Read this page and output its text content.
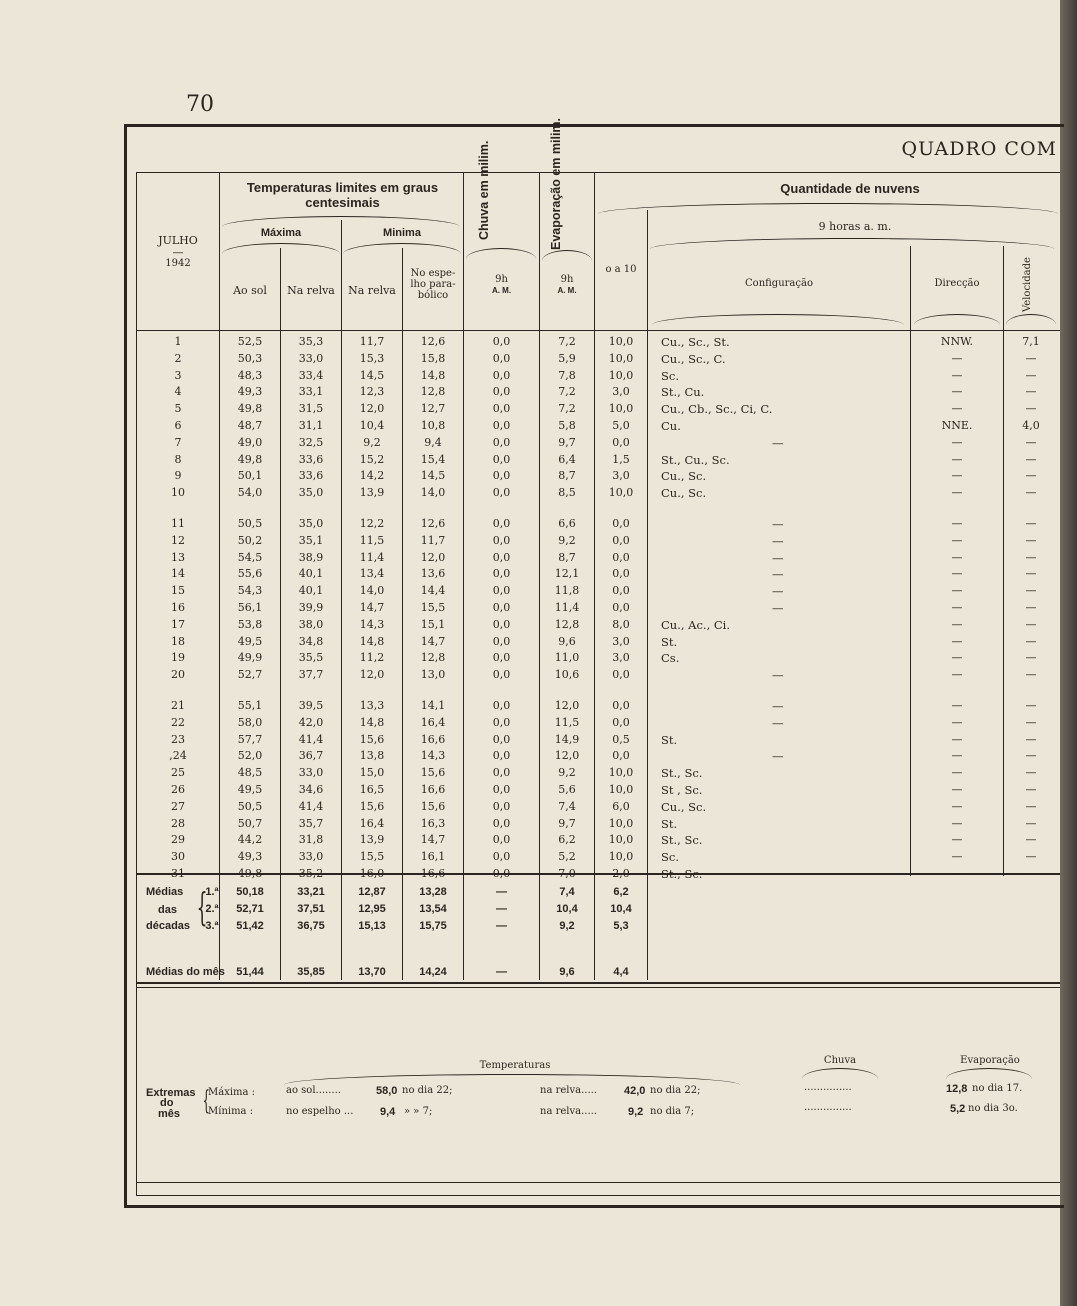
70
QUADRO COM
JULHO
—
1942
Temperaturas limites em graus centesimais
Máxima	Minima
Ao sol	Na relva	Na relva
No espe-lho para-bólico
Chuva em milim.
9h
A. M.
Evaporação em milim.
9h
A. M.
o a 10
Quantidade de nuvens
9 horas a. m.
Configuração	Direcção	Velocidade
1	52,5	35,3	11,7	12,6	0,0	7,2	10,0	Cu., Sc., St.	NNW.	7,1
2	50,3	33,0	15,3	15,8	0,0	5,9	10,0	Cu., Sc., C.	—	—
3	48,3	33,4	14,5	14,8	0,0	7,8	10,0	Sc.	—	—
4	49,3	33,1	12,3	12,8	0,0	7,2	3,0	St., Cu.	—	—
5	49,8	31,5	12,0	12,7	0,0	7,2	10,0	Cu., Cb., Sc., Ci, C.	—	—
6	48,7	31,1	10,4	10,8	0,0	5,8	5,0	Cu.	NNE.	4,0
7	49,0	32,5	9,2	9,4	0,0	9,7	0,0	—	—	—
8	49,8	33,6	15,2	15,4	0,0	6,4	1,5	St., Cu., Sc.	—	—
9	50,1	33,6	14,2	14,5	0,0	8,7	3,0	Cu., Sc.	—	—
10	54,0	35,0	13,9	14,0	0,0	8,5	10,0	Cu., Sc.	—	—
11	50,5	35,0	12,2	12,6	0,0	6,6	0,0	—	—	—
12	50,2	35,1	11,5	11,7	0,0	9,2	0,0	—	—	—
13	54,5	38,9	11,4	12,0	0,0	8,7	0,0	—	—	—
14	55,6	40,1	13,4	13,6	0,0	12,1	0,0	—	—	—
15	54,3	40,1	14,0	14,4	0,0	11,8	0,0	—	—	—
16	56,1	39,9	14,7	15,5	0,0	11,4	0,0	—	—	—
17	53,8	38,0	14,3	15,1	0,0	12,8	8,0	Cu., Ac., Ci.	—	—
18	49,5	34,8	14,8	14,7	0,0	9,6	3,0	St.	—	—
19	49,9	35,5	11,2	12,8	0,0	11,0	3,0	Cs.	—	—
20	52,7	37,7	12,0	13,0	0,0	10,6	0,0	—	—	—
21	55,1	39,5	13,3	14,1	0,0	12,0	0,0	—	—	—
22	58,0	42,0	14,8	16,4	0,0	11,5	0,0	—	—	—
23	57,7	41,4	15,6	16,6	0,0	14,9	0,5	St.	—	—
,24	52,0	36,7	13,8	14,3	0,0	12,0	0,0	—	—	—
25	48,5	33,0	15,0	15,6	0,0	9,2	10,0	St., Sc.	—	—
26	49,5	34,6	16,5	16,6	0,0	5,6	10,0	St , Sc.	—	—
27	50,5	41,4	15,6	15,6	0,0	7,4	6,0	Cu., Sc.	—	—
28	50,7	35,7	16,4	16,3	0,0	9,7	10,0	St.	—	—
29	44,2	31,8	13,9	14,7	0,0	6,2	10,0	St., Sc.	—	—
30	49,3	33,0	15,5	16,1	0,0	5,2	10,0	Sc.	—	—
31	49,8	35,2	16,0	16,6	0,0	7,0	2,0	St., Sc.	—	—
Médias
das
décadas {
1.ª	50,18	33,21	12,87	13,28	—	7,4	6,2
2.ª	52,71	37,51	12,95	13,54	—	10,4	10,4
3.ª	51,42	36,75	15,13	15,75	—	9,2	5,3
Médias do mês	51,44	35,85	13,70	14,24	—	9,6	4,4
Temperaturas	Chuva	Evaporação
Extremas
do
mês {
Máxima :
Mínima :
ao sol........	58,0 no dia 22;	na relva..... 42,0 no dia 22;
no espelho ... 9,4 » » 7;	na relva.....	9,2 no dia 7;
...............
...............
12,8 no dia 17.
5,2 no dia 3o.
